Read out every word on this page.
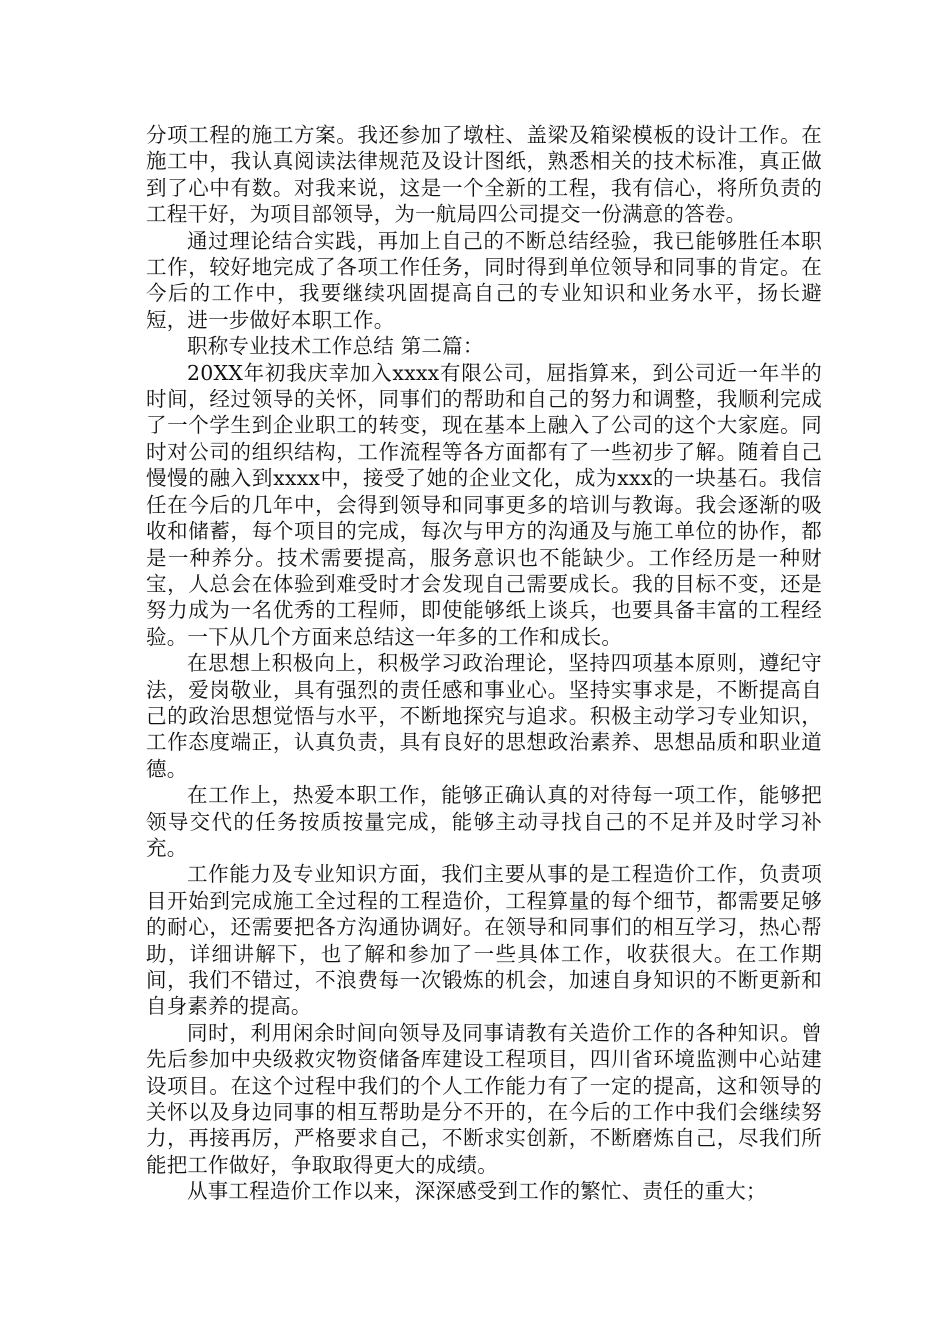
分项工程的施工方案。我还参加了墩柱、盖梁及箱梁模板的设计工作。在施工中，我认真阅读法律规范及设计图纸，熟悉相关的技术标准，真正做到了心中有数。对我来说，这是一个全新的工程，我有信心，将所负责的工程干好，为项目部领导，为一航局四公司提交一份满意的答卷。

通过理论结合实践，再加上自己的不断总结经验，我已能够胜任本职工作，较好地完成了各项工作任务，同时得到单位领导和同事的肯定。在今后的工作中，我要继续巩固提高自己的专业知识和业务水平，扬长避短，进一步做好本职工作。

职称专业技术工作总结 第二篇：

20XX年初我庆幸加入xxxx有限公司，屈指算来，到公司近一年半的时间，经过领导的关怀，同事们的帮助和自己的努力和调整，我顺利完成了一个学生到企业职工的转变，现在基本上融入了公司的这个大家庭。同时对公司的组织结构，工作流程等各方面都有了一些初步了解。随着自己慢慢的融入到xxxx中，接受了她的企业文化，成为xxx的一块基石。我信任在今后的几年中，会得到领导和同事更多的培训与教诲。我会逐渐的吸收和储蓄，每个项目的完成，每次与甲方的沟通及与施工单位的协作，都是一种养分。技术需要提高，服务意识也不能缺少。工作经历是一种财宝，人总会在体验到难受时才会发现自己需要成长。我的目标不变，还是努力成为一名优秀的工程师，即使能够纸上谈兵，也要具备丰富的工程经验。一下从几个方面来总结这一年多的工作和成长。

在思想上积极向上，积极学习政治理论，坚持四项基本原则，遵纪守法，爱岗敬业，具有强烈的责任感和事业心。坚持实事求是，不断提高自己的政治思想觉悟与水平，不断地探究与追求。积极主动学习专业知识，工作态度端正，认真负责，具有良好的思想政治素养、思想品质和职业道德。

在工作上，热爱本职工作，能够正确认真的对待每一项工作，能够把领导交代的任务按质按量完成，能够主动寻找自己的不足并及时学习补充。

工作能力及专业知识方面，我们主要从事的是工程造价工作，负责项目开始到完成施工全过程的工程造价，工程算量的每个细节，都需要足够的耐心，还需要把各方沟通协调好。在领导和同事们的相互学习，热心帮助，详细讲解下，也了解和参加了一些具体工作，收获很大。在工作期间，我们不错过，不浪费每一次锻炼的机会，加速自身知识的不断更新和自身素养的提高。

同时，利用闲余时间向领导及同事请教有关造价工作的各种知识。曾先后参加中央级救灾物资储备库建设工程项目，四川省环境监测中心站建设项目。在这个过程中我们的个人工作能力有了一定的提高，这和领导的关怀以及身边同事的相互帮助是分不开的，在今后的工作中我们会继续努力，再接再厉，严格要求自己，不断求实创新，不断磨炼自己，尽我们所能把工作做好，争取取得更大的成绩。

从事工程造价工作以来，深深感受到工作的繁忙、责任的重大；
